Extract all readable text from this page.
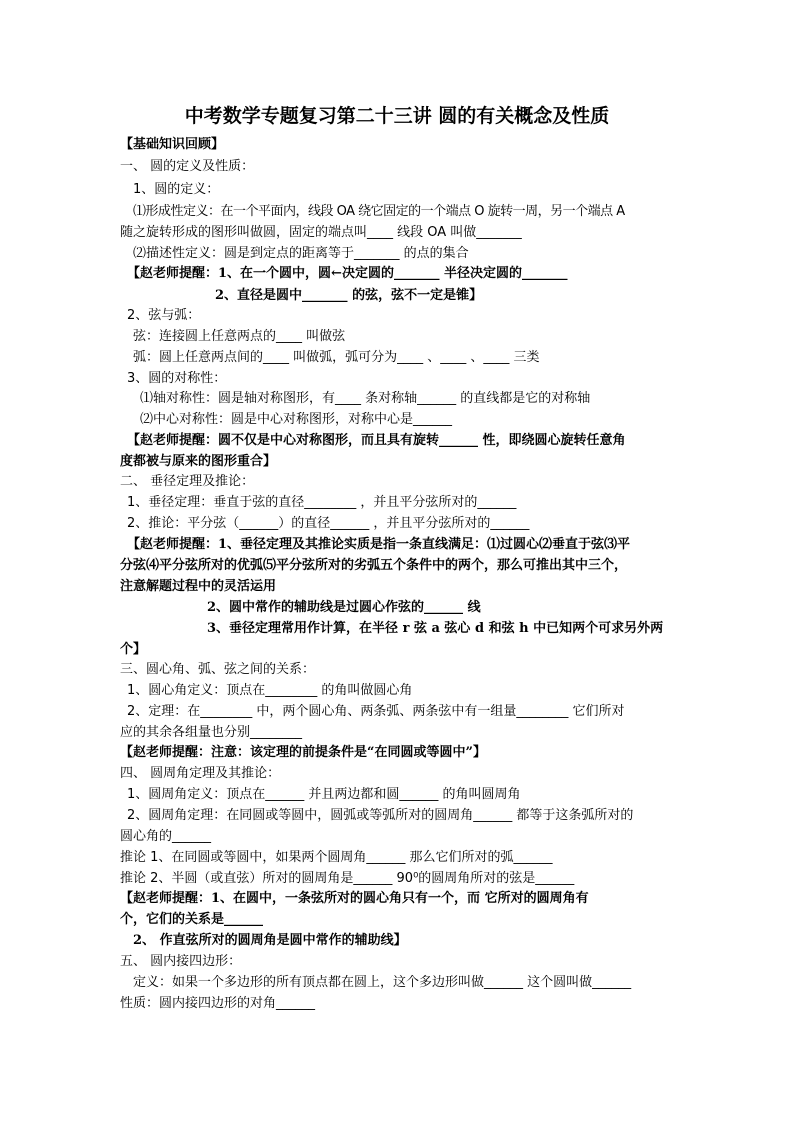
中考数学专题复习第二十三讲 圆的有关概念及性质
【基础知识回顾】
一、 圆的定义及性质：
1、圆的定义：
⑴形成性定义：在一个平面内，线段 OA 绕它固定的一个端点 O 旋转一周，另一个端点 A
随之旋转形成的图形叫做圆，固定的端点叫____ 线段 OA 叫做_______
⑵描述性定义：圆是到定点的距离等于_______ 的点的集合
【赵老师提醒：1、在一个圆中，圆←决定圆的_______ 半径决定圆的_______
2、直径是圆中_______ 的弦，弦不一定是锥】
2、弦与弧：
弦：连接圆上任意两点的____ 叫做弦
弧：圆上任意两点间的____ 叫做弧，弧可分为____ 、____ 、____ 三类
3、圆的对称性：
⑴轴对称性：圆是轴对称图形，有____ 条对称轴______ 的直线都是它的对称轴
⑵中心对称性：圆是中心对称图形，对称中心是______
【赵老师提醒：圆不仅是中心对称图形，而且具有旋转______ 性，即绕圆心旋转任意角
度都被与原来的图形重合】
二、 垂径定理及推论：
1、垂径定理：垂直于弦的直径________ ，并且平分弦所对的______
2、推论：平分弦（______）的直径______ ，并且平分弦所对的______
【赵老师提醒：1、垂径定理及其推论实质是指一条直线满足：⑴过圆心⑵垂直于弦⑶平
分弦⑷平分弦所对的优弧⑸平分弦所对的劣弧五个条件中的两个，那么可推出其中三个，
注意解题过程中的灵活运用
2、圆中常作的辅助线是过圆心作弦的______ 线
3、垂径定理常用作计算，在半径 r 弦 a 弦心 d 和弦 h 中已知两个可求另外两
个】
三、圆心角、弧、弦之间的关系：
1、圆心角定义：顶点在________ 的角叫做圆心角
2、定理：在________ 中，两个圆心角、两条弧、两条弦中有一组量________ 它们所对
应的其余各组量也分别________
【赵老师提醒：注意：该定理的前提条件是“在同圆或等圆中”】
四、 圆周角定理及其推论：
1、圆周角定义：顶点在______ 并且两边都和圆______ 的角叫圆周角
2、圆周角定理：在同圆或等圆中，圆弧或等弧所对的圆周角______ 都等于这条弧所对的
圆心角的______
推论 1、在同圆或等圆中，如果两个圆周角______ 那么它们所对的弧______
推论 2、半圆（或直弦）所对的圆周角是______ 90⁰的圆周角所对的弦是______
【赵老师提醒：1、在圆中，一条弦所对的圆心角只有一个，而 它所对的圆周角有
个，它们的关系是______
2、 作直弦所对的圆周角是圆中常作的辅助线】
五、 圆内接四边形：
定义：如果一个多边形的所有顶点都在圆上，这个多边形叫做______ 这个圆叫做______
性质：圆内接四边形的对角______
